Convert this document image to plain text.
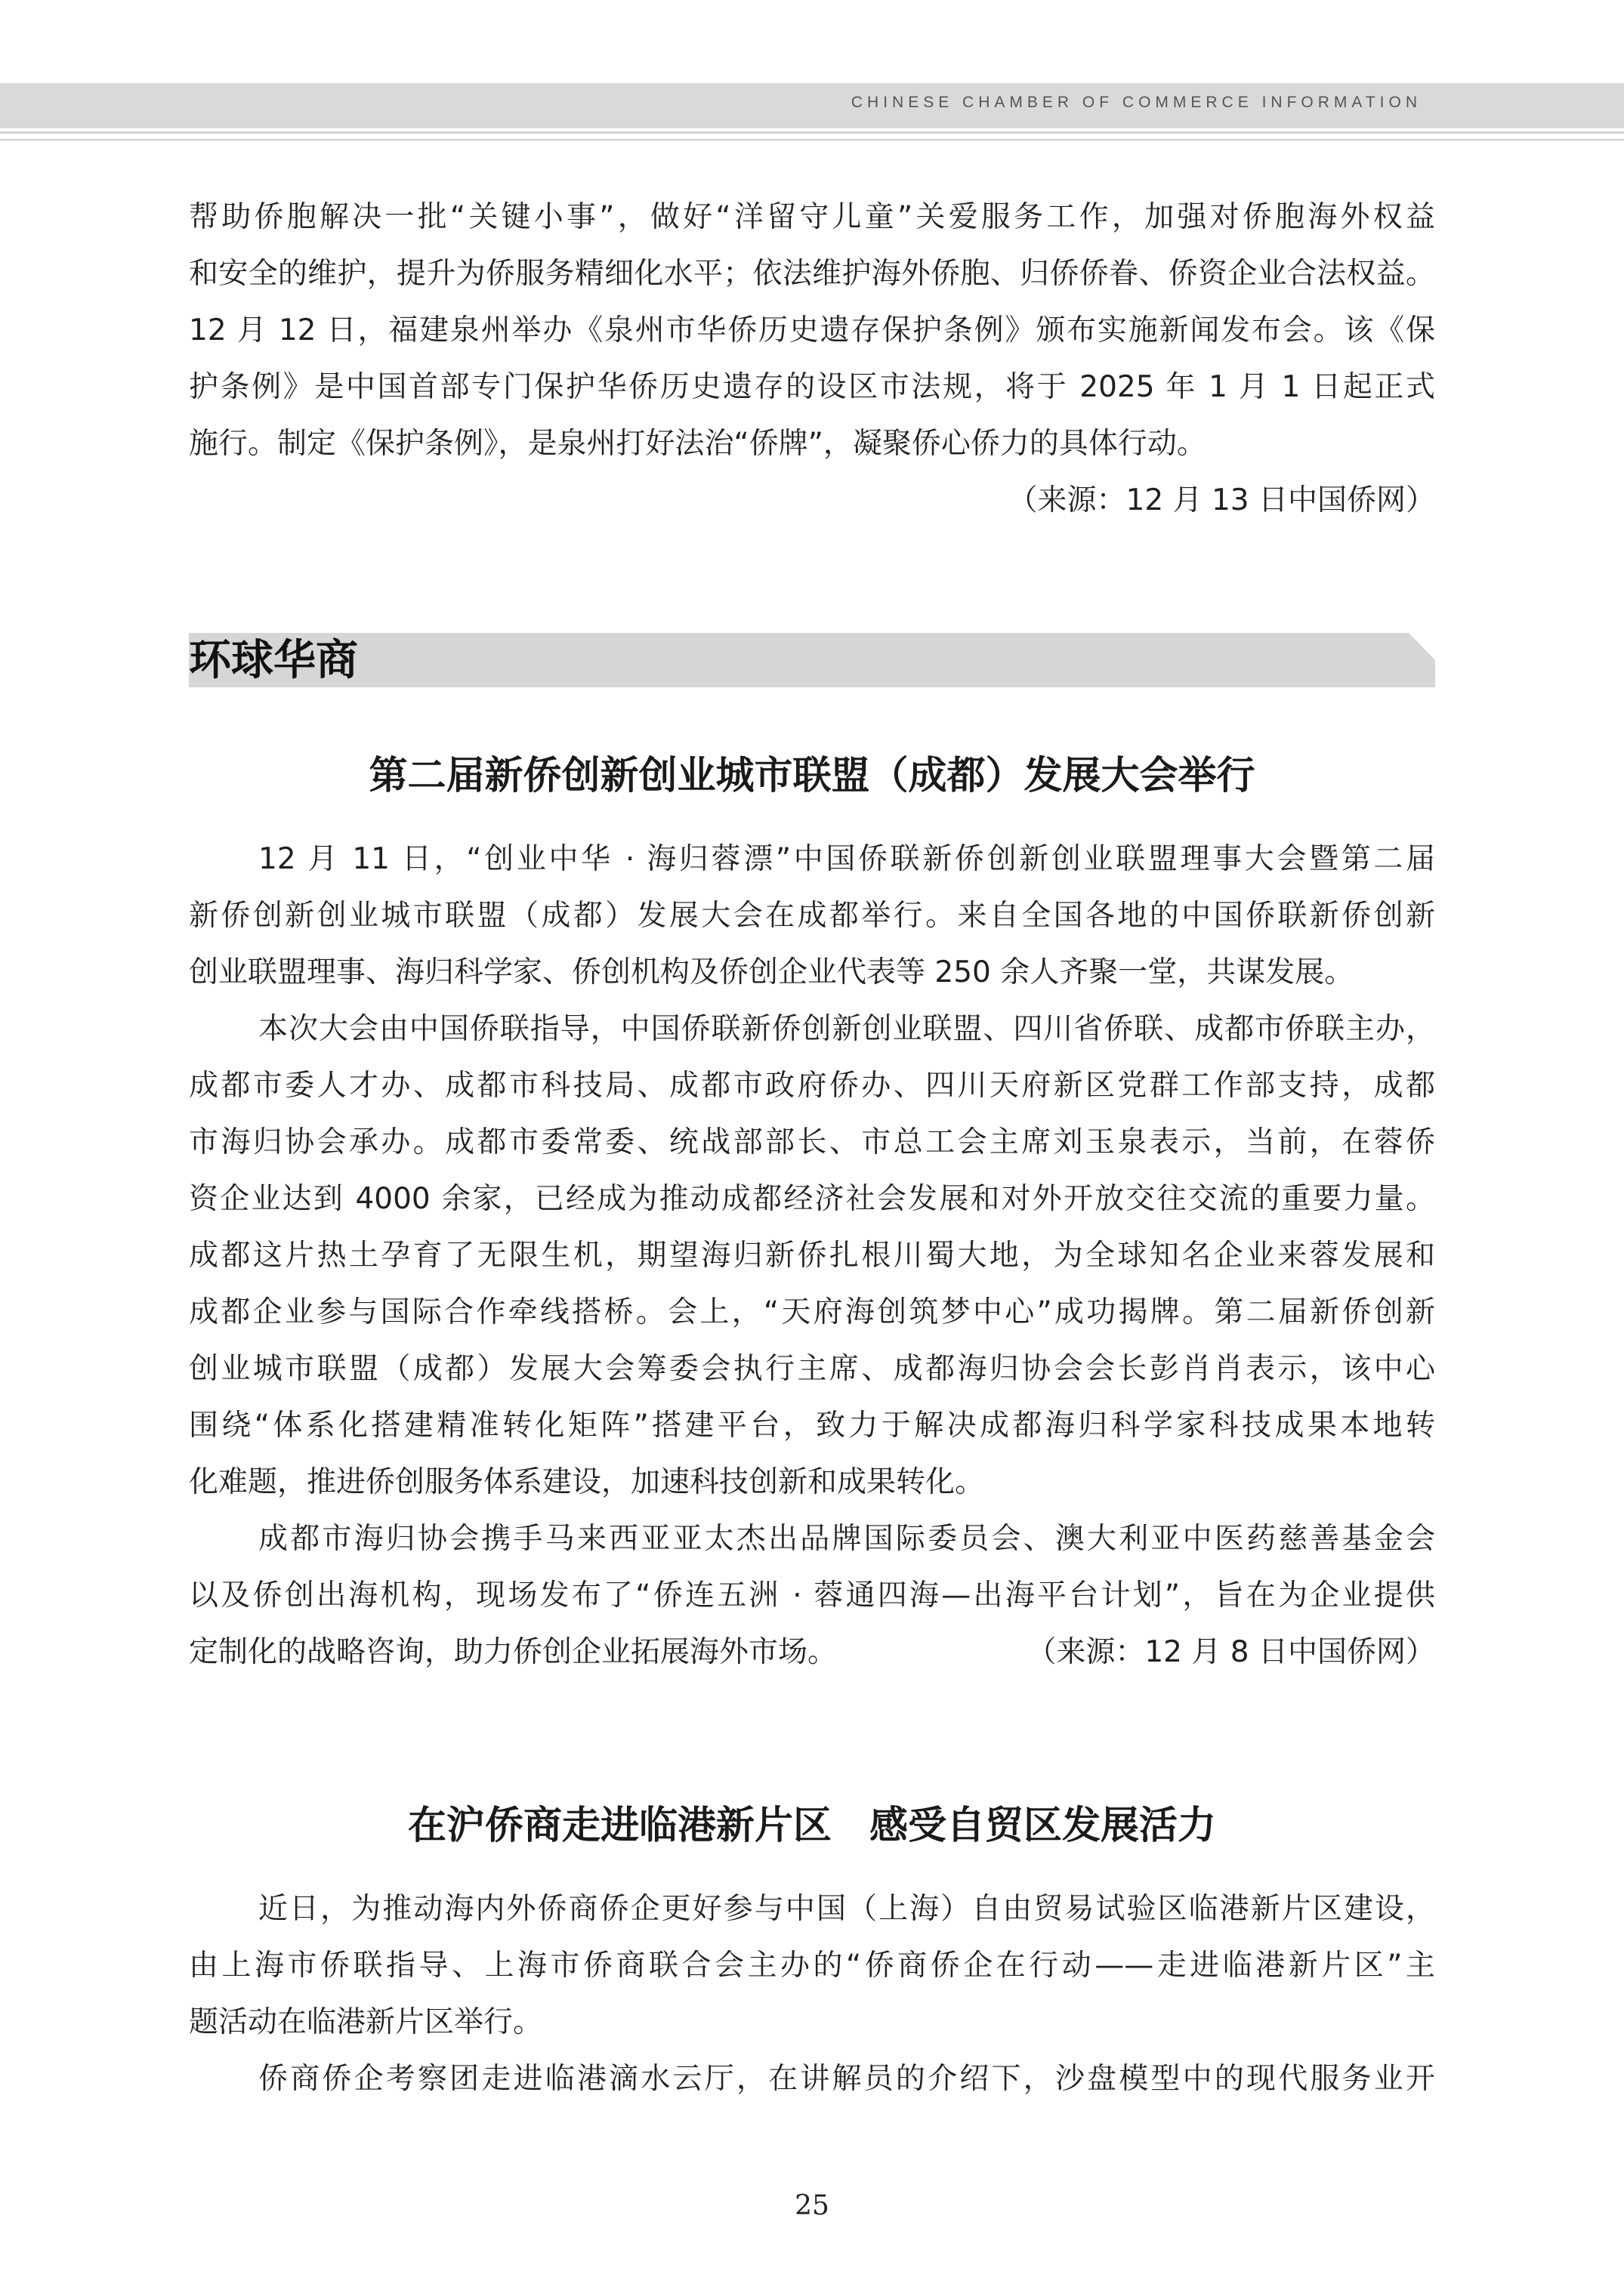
CHINESE CHAMBER OF COMMERCE INFORMATION

帮助侨胞解决一批“关键小事”，做好“洋留守儿童”关爱服务工作，加强对侨胞海外权益

和安全的维护，提升为侨服务精细化水平；依法维护海外侨胞、归侨侨眷、侨资企业合法权益。

12 月 12 日，福建泉州举办《泉州市华侨历史遗存保护条例》颁布实施新闻发布会。该《保

护条例》是中国首部专门保护华侨历史遗存的设区市法规，将于 2025 年 1 月 1 日起正式

施行。制定《保护条例》，是泉州打好法治“侨牌”，凝聚侨心侨力的具体行动。

（来源：12 月 13 日中国侨网）

环球华商
第二届新侨创新创业城市联盟（成都）发展大会举行

12 月 11 日，“创业中华 · 海归蓉漂”中国侨联新侨创新创业联盟理事大会暨第二届

新侨创新创业城市联盟（成都）发展大会在成都举行。来自全国各地的中国侨联新侨创新

创业联盟理事、海归科学家、侨创机构及侨创企业代表等 250 余人齐聚一堂，共谋发展。

本次大会由中国侨联指导，中国侨联新侨创新创业联盟、四川省侨联、成都市侨联主办，

成都市委人才办、成都市科技局、成都市政府侨办、四川天府新区党群工作部支持，成都

市海归协会承办。成都市委常委、统战部部长、市总工会主席刘玉泉表示，当前，在蓉侨

资企业达到 4000 余家，已经成为推动成都经济社会发展和对外开放交往交流的重要力量。

成都这片热土孕育了无限生机，期望海归新侨扎根川蜀大地，为全球知名企业来蓉发展和

成都企业参与国际合作牵线搭桥。会上，“天府海创筑梦中心”成功揭牌。第二届新侨创新

创业城市联盟（成都）发展大会筹委会执行主席、成都海归协会会长彭肖肖表示，该中心

围绕“体系化搭建精准转化矩阵”搭建平台，致力于解决成都海归科学家科技成果本地转

化难题，推进侨创服务体系建设，加速科技创新和成果转化。

成都市海归协会携手马来西亚亚太杰出品牌国际委员会、澳大利亚中医药慈善基金会

以及侨创出海机构，现场发布了“侨连五洲 · 蓉通四海—出海平台计划”，旨在为企业提供

定制化的战略咨询，助力侨创企业拓展海外市场。	（来源：12 月 8 日中国侨网）

在沪侨商走进临港新片区 感受自贸区发展活力

近日，为推动海内外侨商侨企更好参与中国（上海）自由贸易试验区临港新片区建设，

由上海市侨联指导、上海市侨商联合会主办的“侨商侨企在行动——走进临港新片区”主

题活动在临港新片区举行。

侨商侨企考察团走进临港滴水云厅，在讲解员的介绍下，沙盘模型中的现代服务业开

25
